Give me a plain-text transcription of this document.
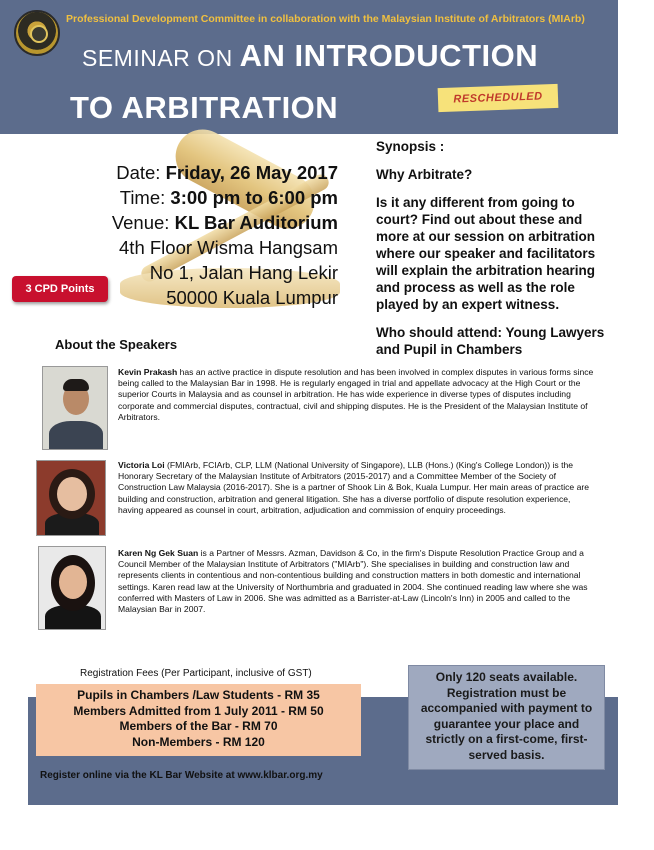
Professional Development Committee in collaboration with the Malaysian Institute of Arbitrators (MIArb)
SEMINAR ON AN INTRODUCTION
TO ARBITRATION	RESCHEDULED
Date: Friday, 26 May 2017
Time: 3:00 pm to 6:00 pm
Venue: KL Bar Auditorium
4th Floor Wisma Hangsam
No 1, Jalan Hang Lekir
50000 Kuala Lumpur
3 CPD Points

Synopsis :

Why Arbitrate?

Is it any different from going to court? Find out about these and more at our session on arbitration where our speaker and facilitators will explain the arbitration hearing and process as well as the role played by an expert witness.

Who should attend: Young Lawyers and Pupil in Chambers

About the Speakers
Kevin Prakash has an active practice in dispute resolution and has been involved in complex disputes in various forms since being called to the Malaysian Bar in 1998. He is regularly engaged in trial and appellate advocacy at the High Court or the superior Courts in Malaysia and as counsel in arbitration. He has wide experience in diverse types of disputes including corporate and commercial disputes, contractual, civil and shipping disputes. He is the President of the Malaysian Institute of Arbitrators.
Victoria Loi (FMIArb, FCIArb, CLP, LLM (National University of Singapore), LLB (Hons.) (King's College London)) is the Honorary Secretary of the Malaysian Institute of Arbitrators (2015-2017) and a Committee Member of the Society of Construction Law Malaysia (2016-2017). She is a partner of Shook Lin & Bok, Kuala Lumpur. Her main areas of practice are building and construction, arbitration and general litigation. She has a diverse portfolio of dispute resolution experience, having appeared as counsel in court, arbitration, adjudication and commission of enquiry proceedings.
Karen Ng Gek Suan is a Partner of Messrs. Azman, Davidson & Co, in the firm's Dispute Resolution Practice Group and a Council Member of the Malaysian Institute of Arbitrators ("MIArb"). She specialises in building and construction law and represents clients in contentious and non-contentious building and construction matters in both domestic and international settings. Karen read law at the University of Northumbria and graduated in 2004. She continued reading law where she was conferred with Masters of Law in 2006. She was admitted as a Barrister-at-Law (Lincoln's Inn) in 2005 and called to the Malaysian Bar in 2007.
Registration Fees (Per Participant, inclusive of GST)
Pupils in Chambers /Law Students - RM 35
Members Admitted from 1 July 2011 - RM 50
Members of the Bar - RM 70
Non-Members - RM 120
Only 120 seats available. Registration must be accompanied with payment to guarantee your place and strictly on a first-come, first-served basis.
Register online via the KL Bar Website at www.klbar.org.my
